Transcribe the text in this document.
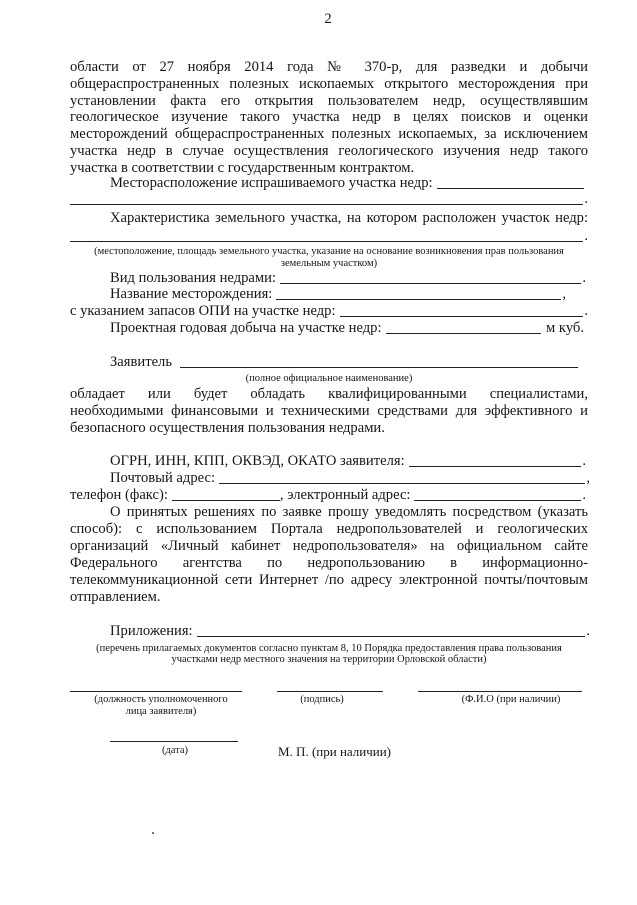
2
области от 27 ноября 2014 года № 370-р, для разведки и добычи
общераспространенных полезных ископаемых открытого месторождения при
установлении факта его открытия пользователем недр, осуществлявшим
геологическое изучение такого участка недр в целях поисков и оценки
месторождений общераспространенных полезных ископаемых, за исключением
участка недр в случае осуществления геологического изучения недр такого
участка в соответствии с государственным контрактом.
Месторасположение испрашиваемого участка недр:
.
Характеристика земельного участка, на котором расположен участок недр:
.
(местоположение, площадь земельного участка, указание на основание возникновения прав пользования
земельным участком)
Вид пользования недрами:	.
Название месторождения:	,
с указанием запасов ОПИ на участке недр:	.
Проектная годовая добыча на участке недр:	м куб.
Заявитель
(полное официальное наименование)
обладает или будет обладать квалифицированными специалистами,
необходимыми финансовыми и техническими средствами для эффективного и
безопасного осуществления пользования недрами.
ОГРН, ИНН, КПП, ОКВЭД, ОКАТО заявителя:	.
Почтовый адрес:	,
телефон (факс):	, электронный адрес:	.
О принятых решениях по заявке прошу уведомлять посредством (указать
способ): с использованием Портала недропользователей и геологических
организаций «Личный кабинет недропользователя» на официальном сайте
Федерального агентства по недропользованию в информационно-
телекоммуникационной сети Интернет /по адресу электронной почты/почтовым
отправлением.
Приложения:	.
(перечень прилагаемых документов согласно пунктам 8, 10 Порядка предоставления права пользования
участками недр местного значения на территории Орловской области)
(должность уполномоченного
лица заявителя)
(подпись)	(Ф.И.О (при наличии)
(дата)	М. П. (при наличии)
